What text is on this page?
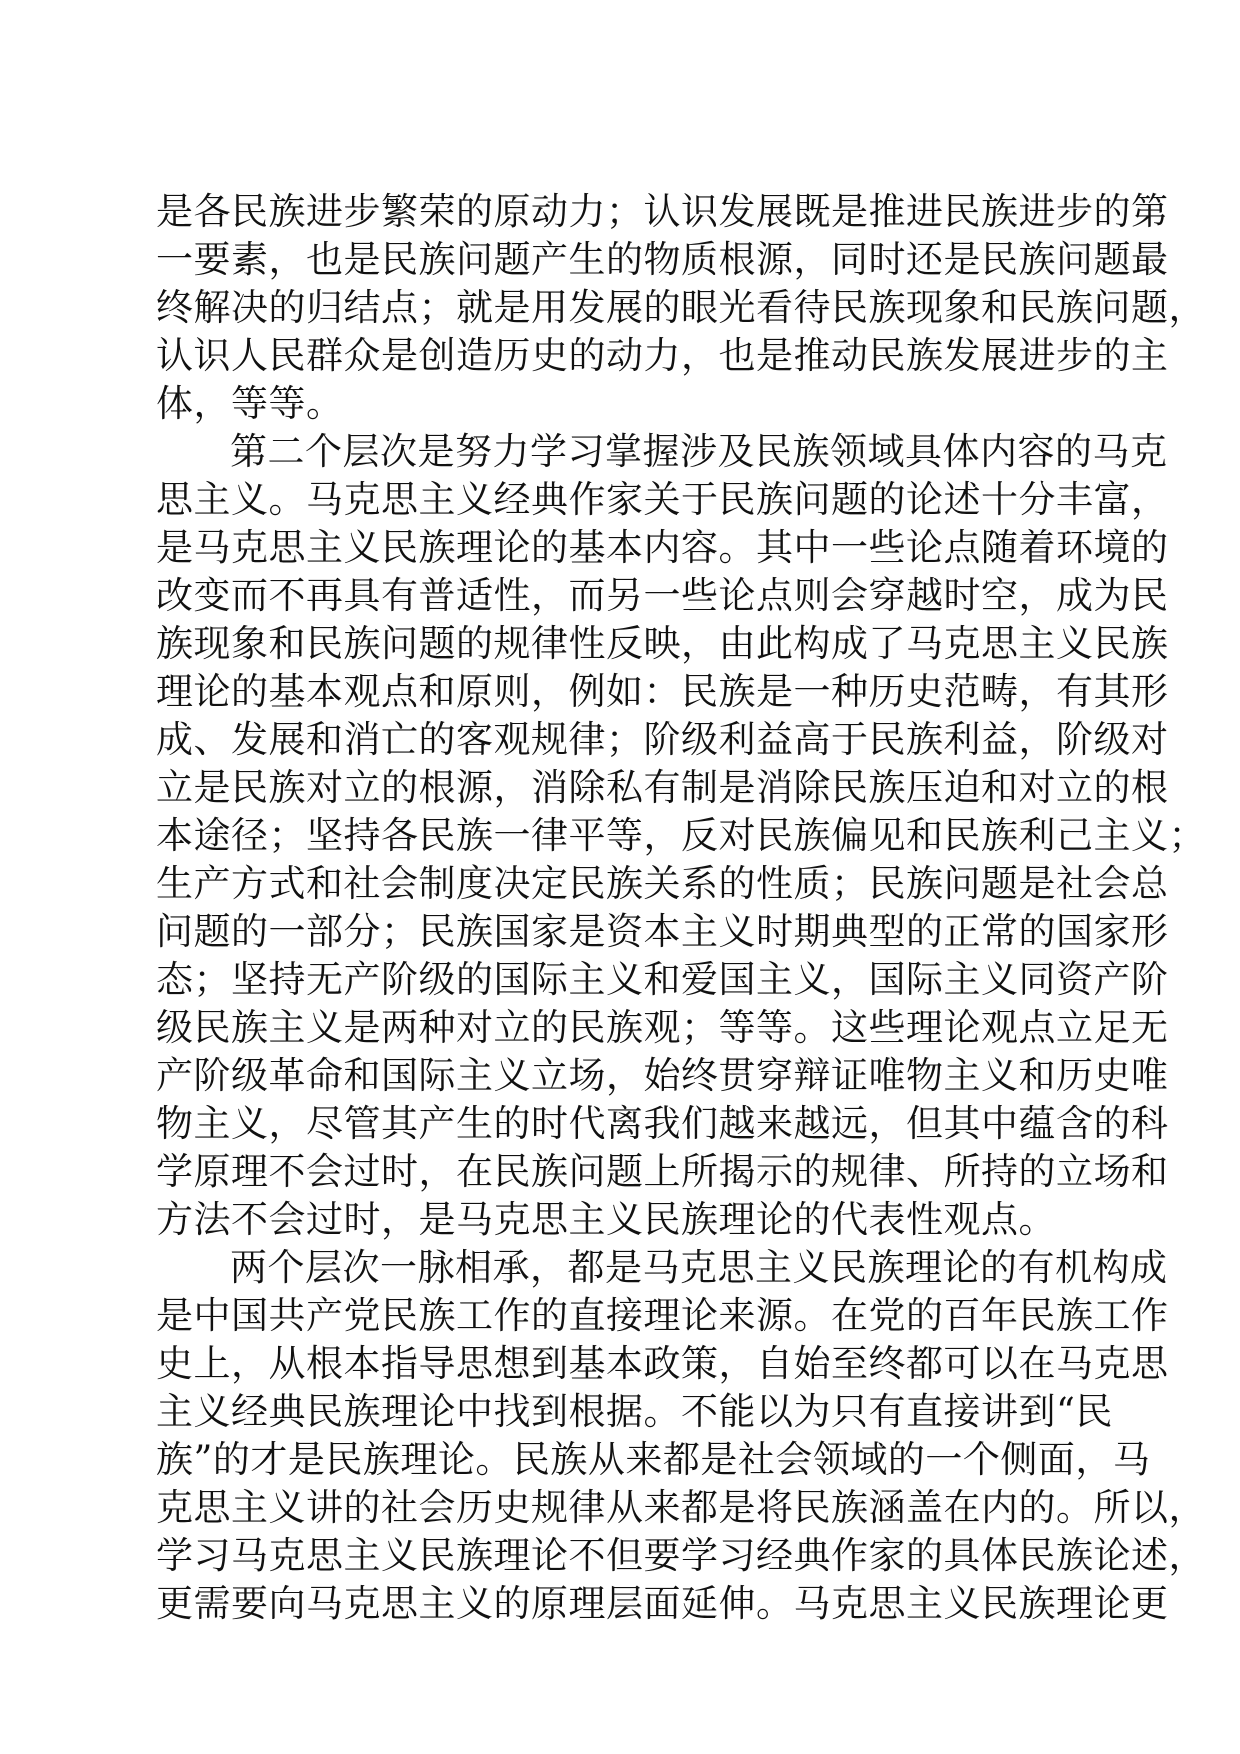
是各民族进步繁荣的原动力；认识发展既是推进民族进步的第
一要素，也是民族问题产生的物质根源，同时还是民族问题最
终解决的归结点；就是用发展的眼光看待民族现象和民族问题，
认识人民群众是创造历史的动力，也是推动民族发展进步的主
体，等等。
第二个层次是努力学习掌握涉及民族领域具体内容的马克
思主义。马克思主义经典作家关于民族问题的论述十分丰富，
是马克思主义民族理论的基本内容。其中一些论点随着环境的
改变而不再具有普适性，而另一些论点则会穿越时空，成为民
族现象和民族问题的规律性反映，由此构成了马克思主义民族
理论的基本观点和原则，例如：民族是一种历史范畴，有其形
成、发展和消亡的客观规律；阶级利益高于民族利益，阶级对
立是民族对立的根源，消除私有制是消除民族压迫和对立的根
本途径；坚持各民族一律平等，反对民族偏见和民族利己主义；
生产方式和社会制度决定民族关系的性质；民族问题是社会总
问题的一部分；民族国家是资本主义时期典型的正常的国家形
态；坚持无产阶级的国际主义和爱国主义，国际主义同资产阶
级民族主义是两种对立的民族观；等等。这些理论观点立足无
产阶级革命和国际主义立场，始终贯穿辩证唯物主义和历史唯
物主义，尽管其产生的时代离我们越来越远，但其中蕴含的科
学原理不会过时，在民族问题上所揭示的规律、所持的立场和
方法不会过时，是马克思主义民族理论的代表性观点。
两个层次一脉相承，都是马克思主义民族理论的有机构成
是中国共产党民族工作的直接理论来源。在党的百年民族工作
史上，从根本指导思想到基本政策，自始至终都可以在马克思
主义经典民族理论中找到根据。不能以为只有直接讲到“民
族”的才是民族理论。民族从来都是社会领域的一个侧面，马
克思主义讲的社会历史规律从来都是将民族涵盖在内的。所以，
学习马克思主义民族理论不但要学习经典作家的具体民族论述，
更需要向马克思主义的原理层面延伸。马克思主义民族理论更
